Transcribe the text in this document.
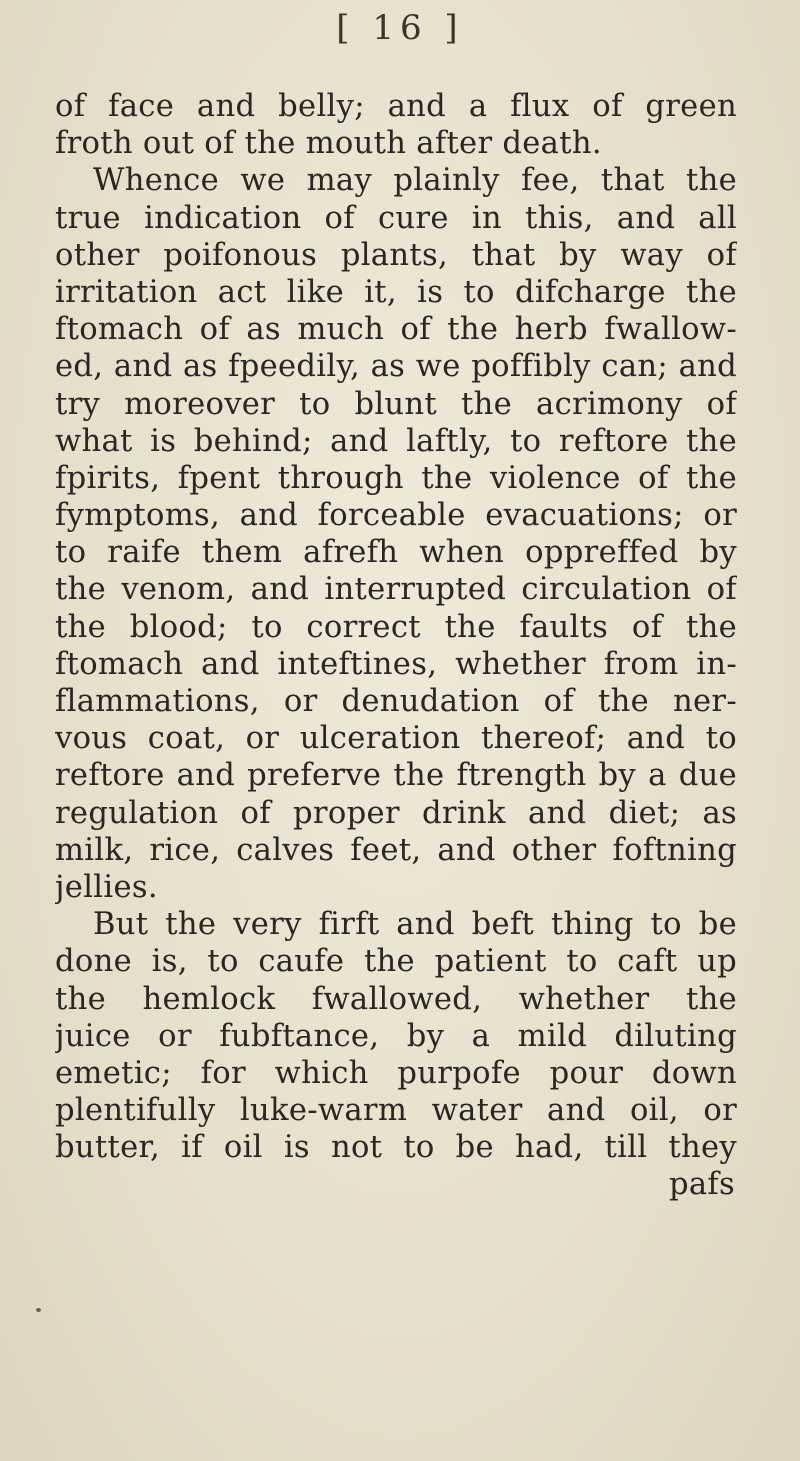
[ 16 ]
of face and belly; and a flux of green
froth out of the mouth after death.
Whence we may plainly fee, that the
true indication of cure in this, and all
other poifonous plants, that by way of
irritation act like it, is to difcharge the
ftomach of as much of the herb fwallow-
ed, and as fpeedily, as we poffibly can; and
try moreover to blunt the acrimony of
what is behind; and laftly, to reftore the
fpirits, fpent through the violence of the
fymptoms, and forceable evacuations; or
to raife them afrefh when oppreffed by
the venom, and interrupted circulation of
the blood; to correct the faults of the
ftomach and inteftines, whether from in-
flammations, or denudation of the ner-
vous coat, or ulceration thereof; and to
reftore and preferve the ftrength by a due
regulation of proper drink and diet; as
milk, rice, calves feet, and other foftning
jellies.
But the very firft and beft thing to be
done is, to caufe the patient to caft up
the hemlock fwallowed, whether the
juice or fubftance, by a mild diluting
emetic; for which purpofe pour down
plentifully luke-warm water and oil, or
butter, if oil is not to be had, till they
pafs
